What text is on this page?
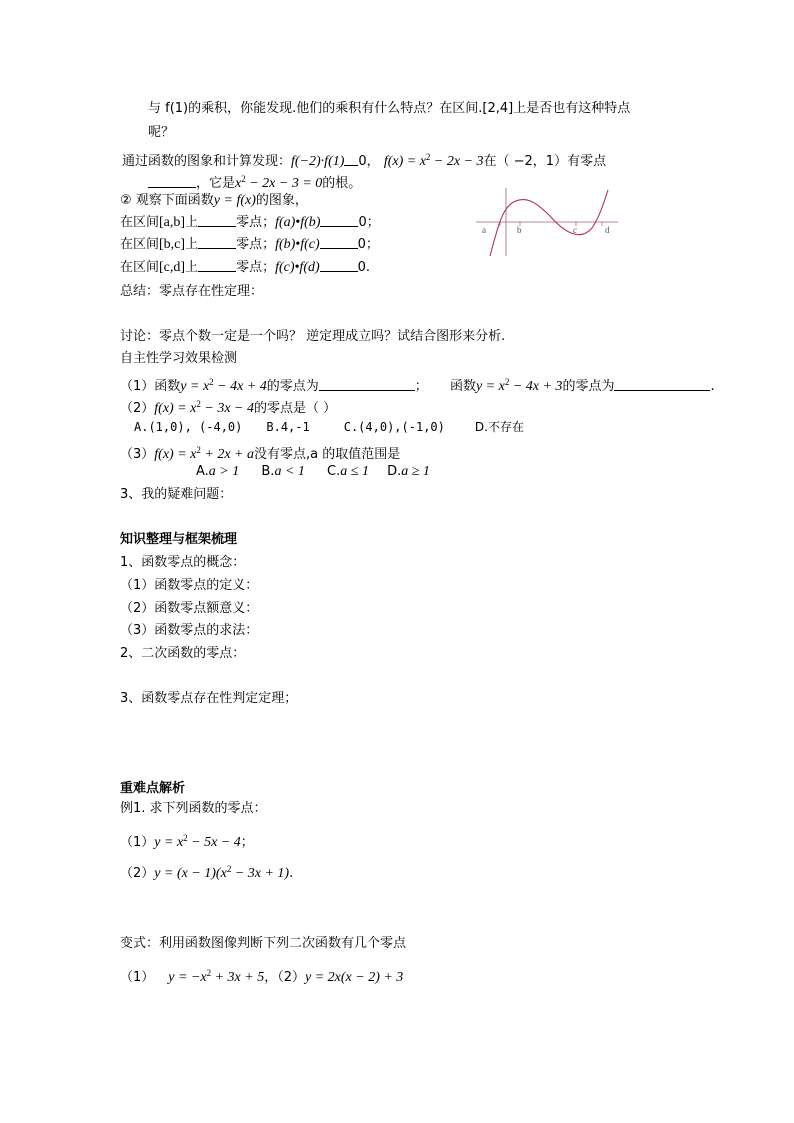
与 f(1)的乘积，你能发现.他们的乘积有什么特点？在区间.[2,4]上是否也有这种特点
呢？
通过函数的图象和计算发现：f(−2)·f(1) 0， $f(x) = x^2 - 2x - 3$在（ −2，1）有零点
，它是$x^2 - 2x - 3 = 0$的根。
② 观察下面函数y = f(x)的图象，
在区间[a,b]上	零点；f(a)•f(b)	0；
在区间[b,c]上	零点；f(b)•f(c)	0；
在区间[c,d]上	零点；f(c)•f(d)	0.
总结：零点存在性定理：
a	b	c	d
讨论：零点个数一定是一个吗？ 逆定理成立吗？试结合图形来分析.
自主性学习效果检测
（1）函数$y = x^2 - 4x + 4$的零点为	； 函数$y = x^2 - 4x + 3$的零点为	.
$(2)f(x) = x^2 - 3x - 4$的零点是（ ）
A.(1,0), (-4,0) B.4,-1	C.(4,0),(-1,0)	D.不存在
$(3)f(x) = x^2 + 2x + a$没有零点,a 的取值范围是
A.a > 1 B.a < 1 C.a ≤ 1 D.a ≥ 1
3、我的疑难问题：
知识整理与框架梳理
1、函数零点的概念：
（1）函数零点的定义：
（2）函数零点额意义：
（3）函数零点的求法：
2、二次函数的零点：
3、函数零点存在性判定定理；
重难点解析
例1. 求下列函数的零点：
$(1)y = x^2 - 5x - 4$；
$(2)y = (x - 1)(x^2 - 3x + 1)$.
变式：利用函数图像判断下列二次函数有几个零点
（1） $y = -x^2 + 3x + 5$，（2）y = 2x(x − 2) + 3
